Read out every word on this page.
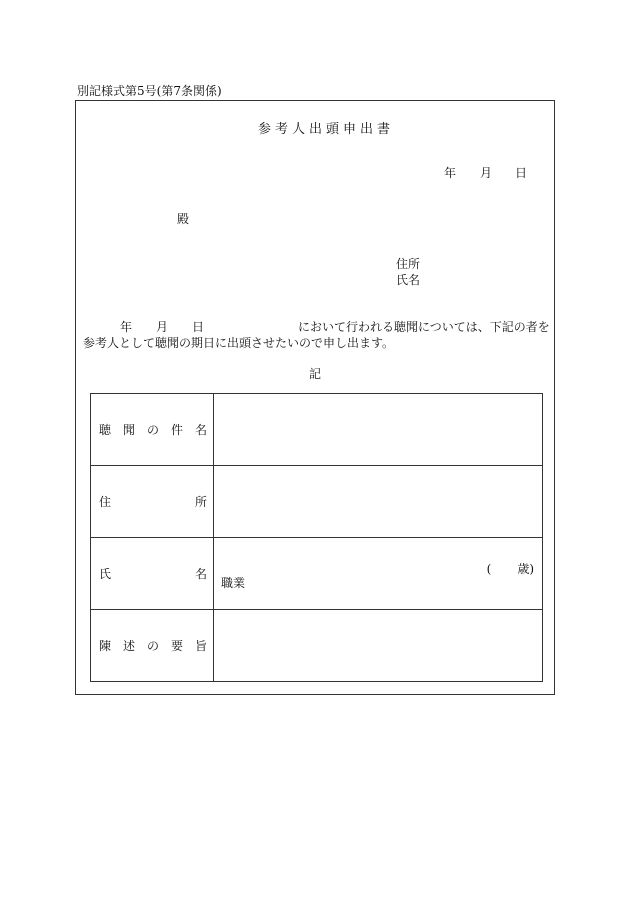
別記様式第5号(第7条関係)
参考人出頭申出書
年 月 日
殿
住所
氏名
年 月 日	において行われる聴聞については、下記の者を
参考人として聴聞の期日に出頭させたいので申し出ます。
記
聴 聞 の 件 名	

住 所	

氏 名	( 歳)
職業

陳 述 の 要 旨	
